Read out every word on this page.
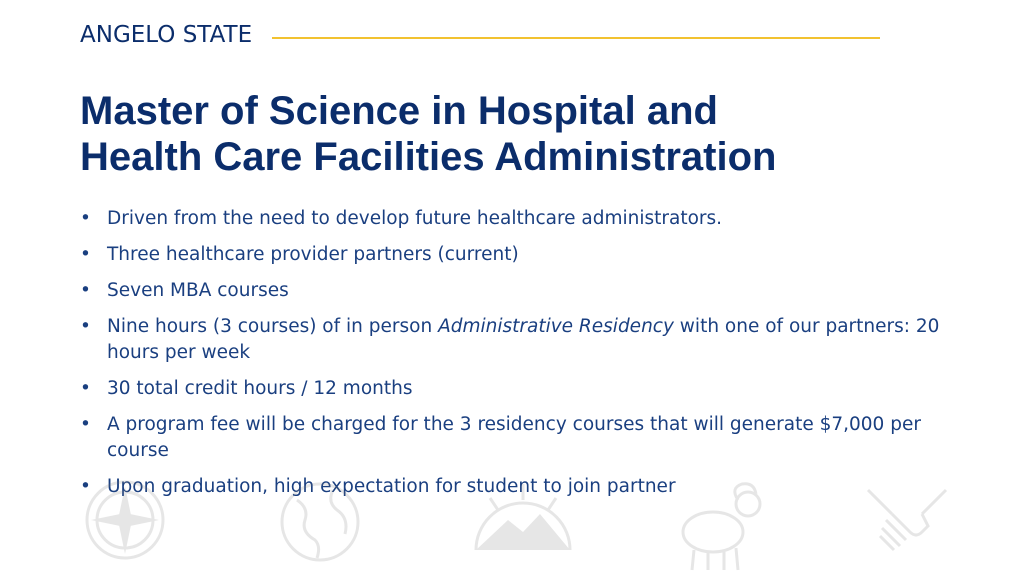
ANGELO STATE
Master of Science in Hospital and
Health Care Facilities Administration
• Driven from the need to develop future healthcare administrators.
• Three healthcare provider partners (current)
• Seven MBA courses
• Nine hours (3 courses) of in person Administrative Residency with one of our partners: 20 hours per week
• 30 total credit hours / 12 months
• A program fee will be charged for the 3 residency courses that will generate $7,000 per course
• Upon graduation, high expectation for student to join partner
